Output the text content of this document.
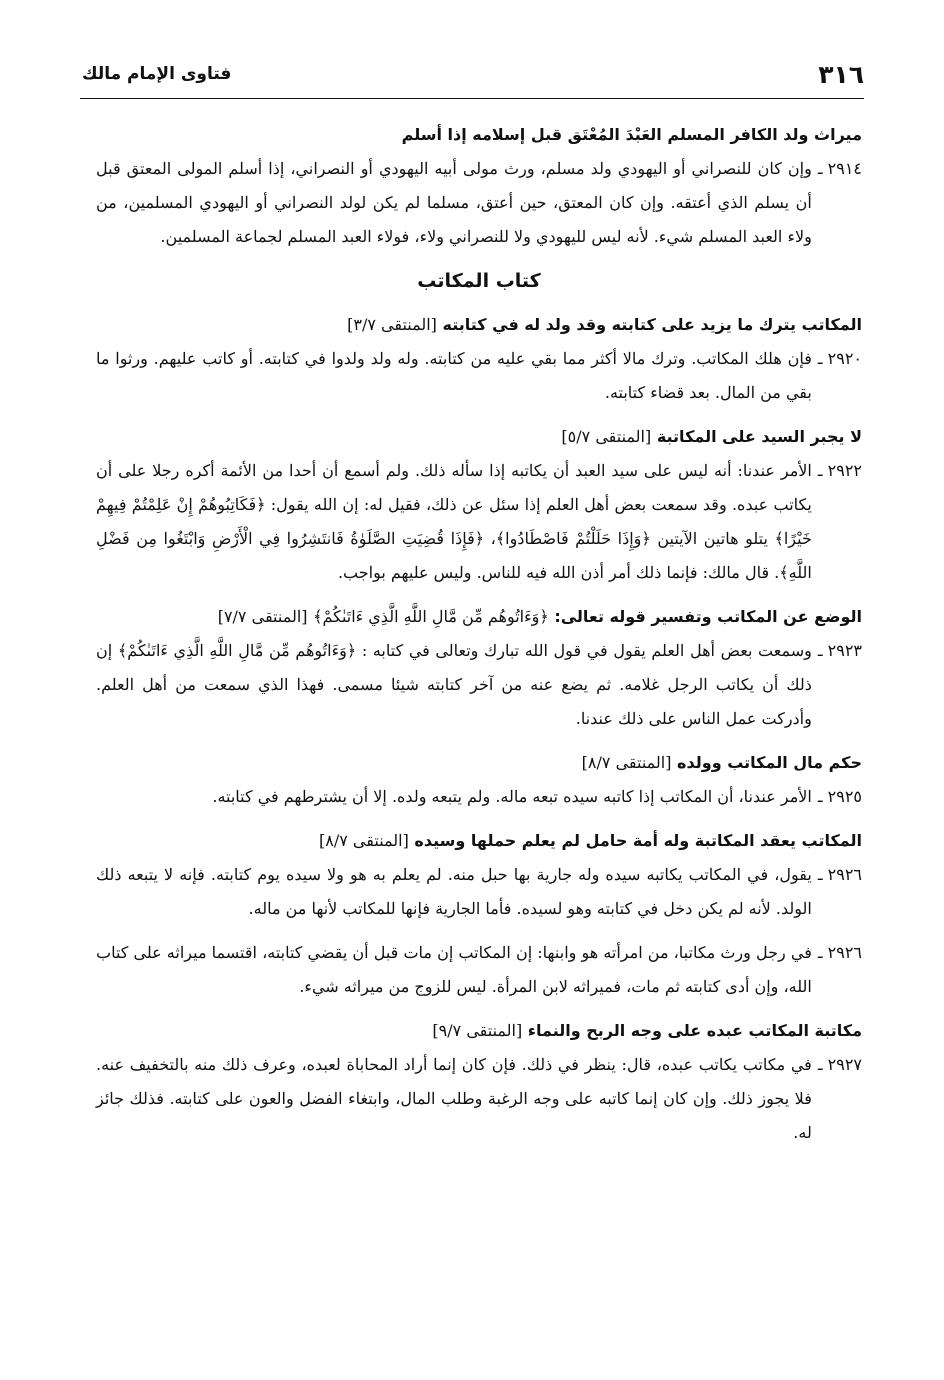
٣١٦
فتاوى الإمام مالك
ميراث ولد الكافر المسلم العَبْدَ المُعْتَق قبل إسلامه إذا أسلم
٢٩١٤ ـ
وإن كان للنصراني أو اليهودي ولد مسلم، ورث مولى أبيه اليهودي أو النصراني، إذا أسلم المولى المعتق قبل أن يسلم الذي أعتقه. وإن كان المعتق، حين أعتق، مسلما لم يكن لولد النصراني أو اليهودي المسلمين، من ولاء العبد المسلم شيء. لأنه ليس لليهودي ولا للنصراني ولاء، فولاء العبد المسلم لجماعة المسلمين.
كتاب المكاتب
المكاتب يترك ما يزيد على كتابته وقد ولد له في كتابته [المنتقى ٣/٧]
٢٩٢٠ ـ
فإن هلك المكاتب. وترك مالا أكثر مما بقي عليه من كتابته. وله ولد ولدوا في كتابته. أو كاتب عليهم. ورثوا ما بقي من المال. بعد قضاء كتابته.
لا يجبر السيد على المكاتبة [المنتقى ٥/٧]
٢٩٢٢ ـ
الأمر عندنا: أنه ليس على سيد العبد أن يكاتبه إذا سأله ذلك. ولم أسمع أن أحدا من الأئمة أكره رجلا على أن يكاتب عبده. وقد سمعت بعض أهل العلم إذا سئل عن ذلك، فقيل له: إن الله يقول: ﴿فَكَاتِبُوهُمْ إِنْ عَلِمْتُمْ فِيهِمْ خَيْرًا﴾ يتلو هاتين الآيتين ﴿وَإِذَا حَلَلْتُمْ فَاصْطَادُوا﴾، ﴿فَإِذَا قُضِيَتِ الصَّلَوٰةُ فَانتَشِرُوا فِي الْأَرْضِ وَابْتَغُوا مِن فَضْلِ اللَّهِ﴾. قال مالك: فإنما ذلك أمر أذن الله فيه للناس. وليس عليهم بواجب.
الوضع عن المكاتب وتفسير قوله تعالى: ﴿وَءَاتُوهُم مِّن مَّالِ اللَّهِ الَّذِي ءَاتَىٰكُمْ﴾ [المنتقى ٧/٧]
٢٩٢٣ ـ
وسمعت بعض أهل العلم يقول في قول الله تبارك وتعالى في كتابه : ﴿وَءَاتُوهُم مِّن مَّالِ اللَّهِ الَّذِي ءَاتَىٰكُمْ﴾ إن ذلك أن يكاتب الرجل غلامه. ثم يضع عنه من آخر كتابته شيئا مسمى. فهذا الذي سمعت من أهل العلم. وأدركت عمل الناس على ذلك عندنا.
حكم مال المكاتب وولده [المنتقى ٨/٧]
٢٩٢٥ ـ
الأمر عندنا، أن المكاتب إذا كاتبه سيده تبعه ماله. ولم يتبعه ولده. إلا أن يشترطهم في كتابته.
المكاتب يعقد المكاتبة وله أمة حامل لم يعلم حملها وسيده [المنتقى ٨/٧]
٢٩٢٦ ـ
يقول، في المكاتب يكاتبه سيده وله جارية بها حبل منه. لم يعلم به هو ولا سيده يوم كتابته. فإنه لا يتبعه ذلك الولد. لأنه لم يكن دخل في كتابته وهو لسيده. فأما الجارية فإنها للمكاتب لأنها من ماله.
٢٩٢٦ ـ
في رجل ورث مكاتبا، من امرأته هو وابنها: إن المكاتب إن مات قبل أن يقضي كتابته، اقتسما ميراثه على كتاب الله، وإن أدى كتابته ثم مات، فميراثه لابن المرأة. ليس للزوج من ميراثه شيء.
مكاتبة المكاتب عبده على وجه الربح والنماء [المنتقى ٩/٧]
٢٩٢٧ ـ
في مكاتب يكاتب عبده، قال: ينظر في ذلك. فإن كان إنما أراد المحاباة لعبده، وعرف ذلك منه بالتخفيف عنه. فلا يجوز ذلك. وإن كان إنما كاتبه على وجه الرغبة وطلب المال، وابتغاء الفضل والعون على كتابته. فذلك جائز له.
